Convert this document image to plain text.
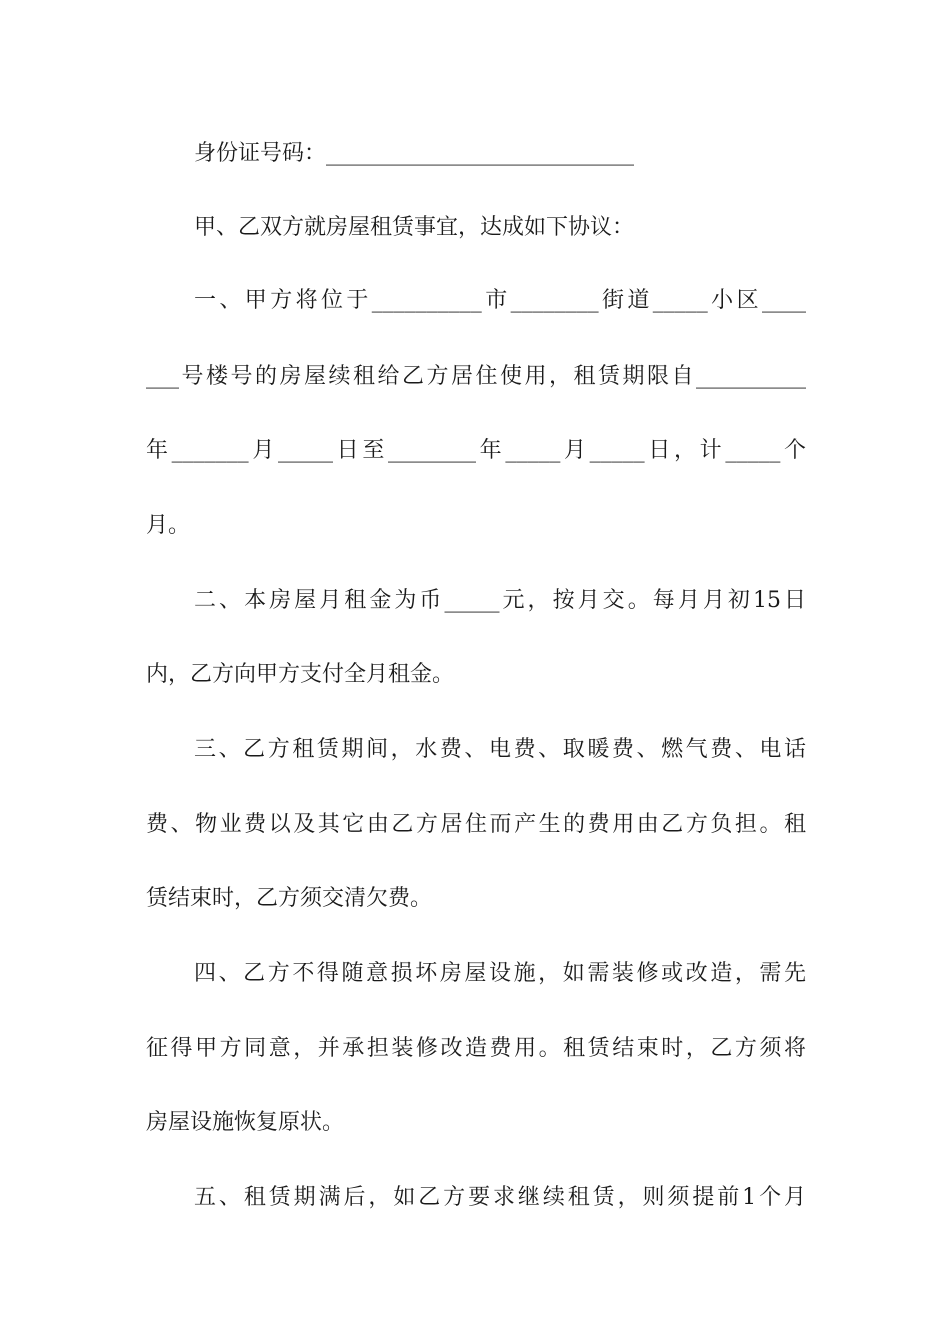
身份证号码：____________________________
甲、乙双方就房屋租赁事宜，达成如下协议：
一、甲方将位于__________市________街道_____小区____
___号楼号的房屋续租给乙方居住使用，租赁期限自__________
年_______月_____日至________年_____月_____日，计_____个
月。
二、本房屋月租金为币_____元，按月交。每月月初15日
内，乙方向甲方支付全月租金。
三、乙方租赁期间，水费、电费、取暖费、燃气费、电话
费、物业费以及其它由乙方居住而产生的费用由乙方负担。租
赁结束时，乙方须交清欠费。
四、乙方不得随意损坏房屋设施，如需装修或改造，需先
征得甲方同意，并承担装修改造费用。租赁结束时，乙方须将
房屋设施恢复原状。
五、租赁期满后，如乙方要求继续租赁，则须提前1个月
